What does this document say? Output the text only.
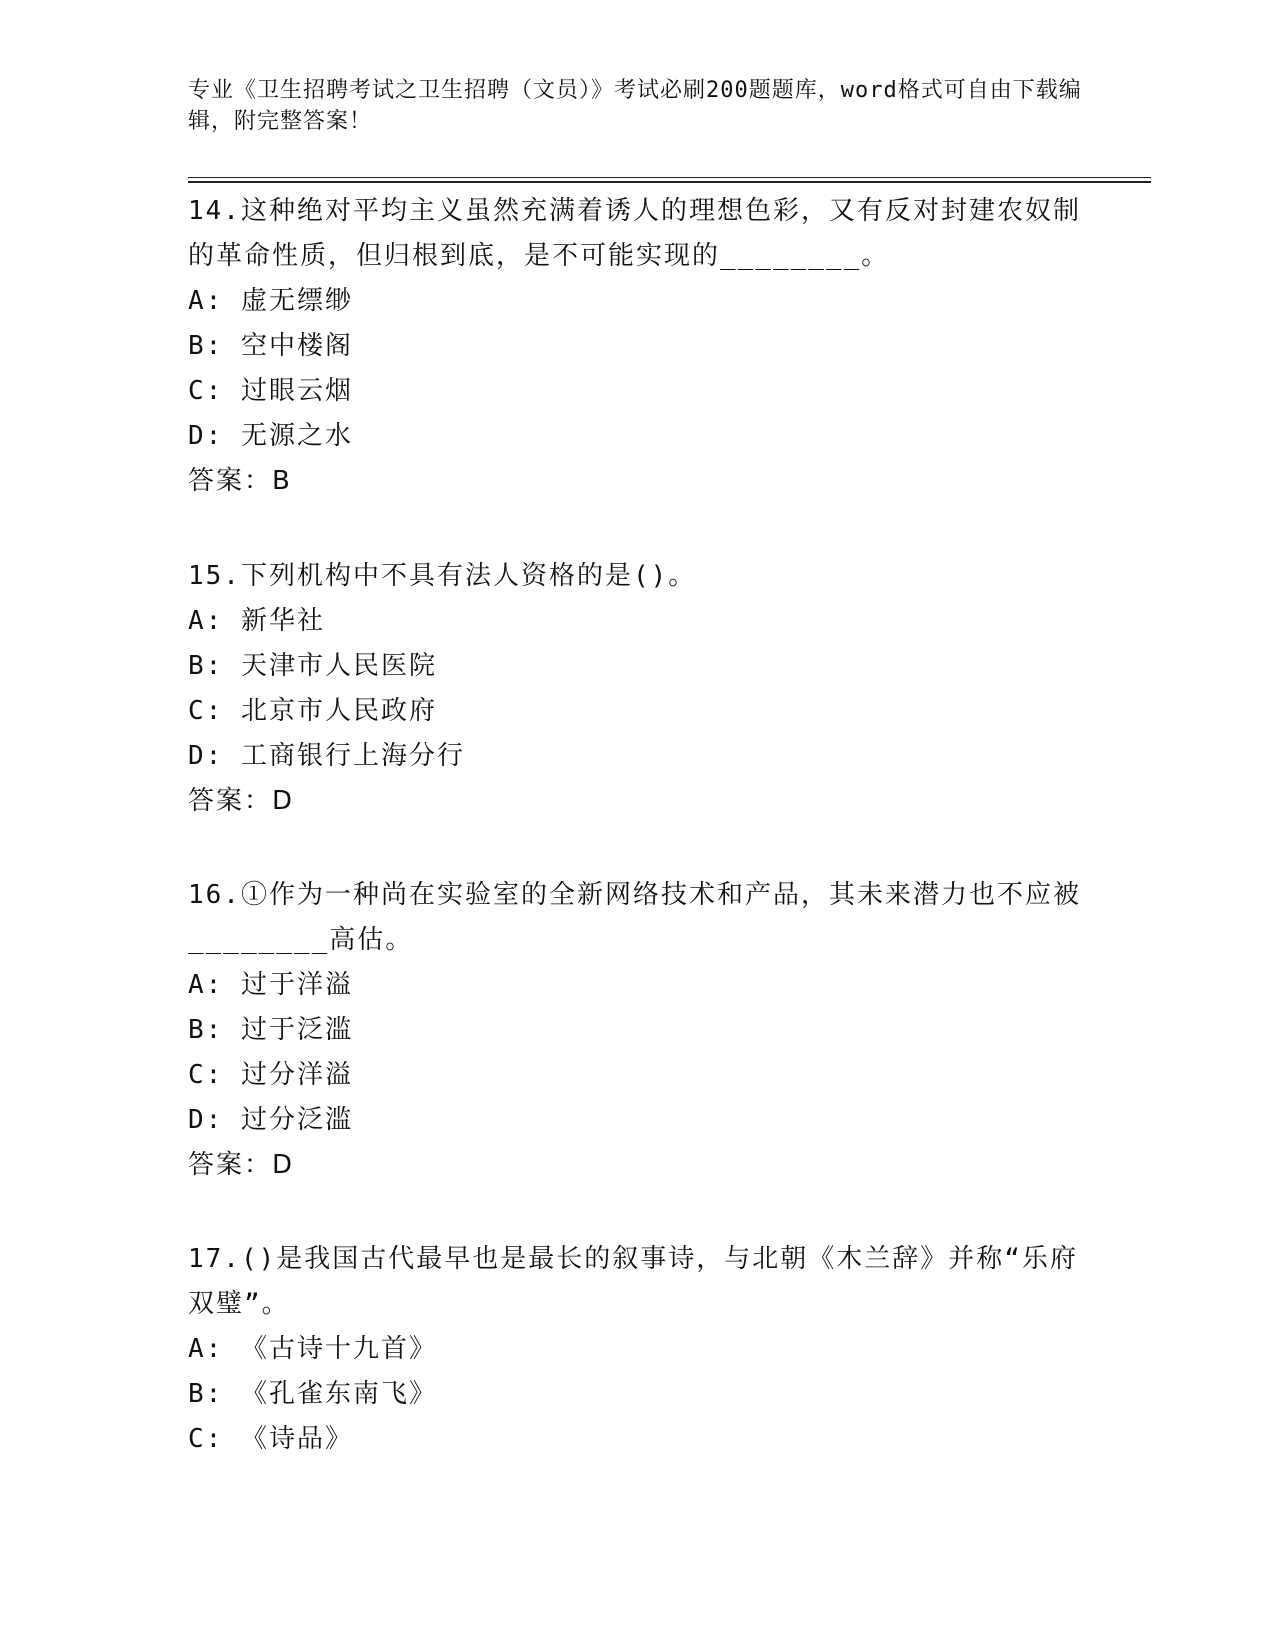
专业《卫生招聘考试之卫生招聘（文员）》考试必刷200题题库，word格式可自由下载编辑，附完整答案！

14.这种绝对平均主义虽然充满着诱人的理想色彩，又有反对封建农奴制的革命性质，但归根到底，是不可能实现的________。

A: 虚无缥缈

B: 空中楼阁

C: 过眼云烟

D: 无源之水

答案：B

15.下列机构中不具有法人资格的是()。

A: 新华社

B: 天津市人民医院

C: 北京市人民政府

D: 工商银行上海分行

答案：D

16.①作为一种尚在实验室的全新网络技术和产品，其未来潜力也不应被________高估。

A: 过于洋溢

B: 过于泛滥

C: 过分洋溢

D: 过分泛滥

答案：D

17.()是我国古代最早也是最长的叙事诗，与北朝《木兰辞》并称“乐府双璧”。

A: 《古诗十九首》

B: 《孔雀东南飞》

C: 《诗品》
